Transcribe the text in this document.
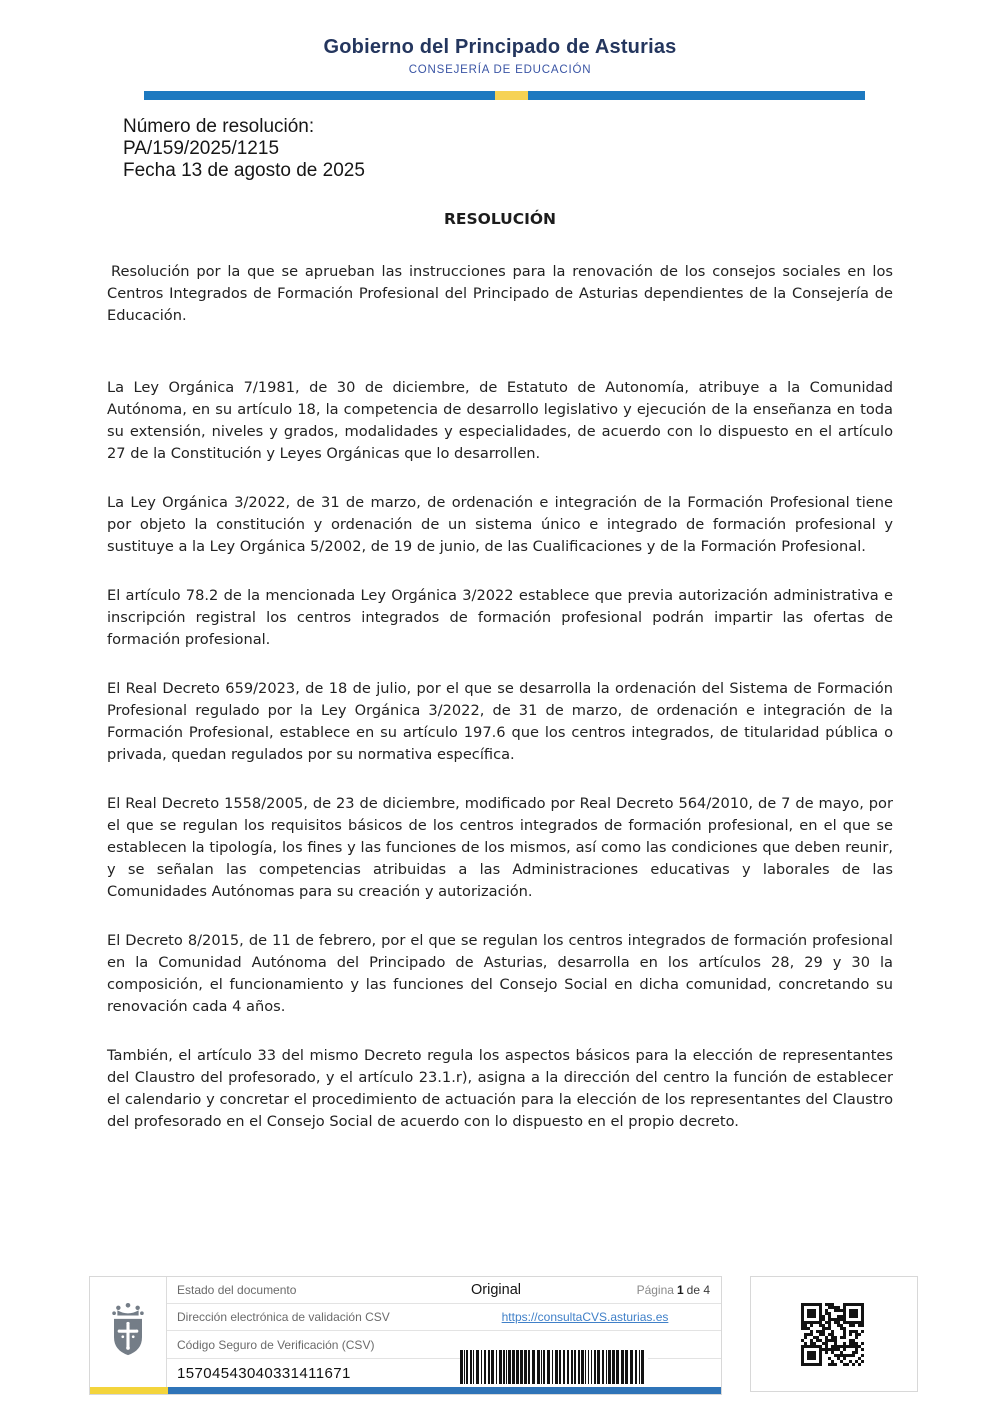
Gobierno del Principado de Asturias
CONSEJERÍA DE EDUCACIÓN
Número de resolución:
PA/159/2025/1215
Fecha 13 de agosto de 2025
RESOLUCIÓN

Resolución por la que se aprueban las instrucciones para la renovación de los consejos sociales en los Centros Integrados de Formación Profesional del Principado de Asturias dependientes de la Consejería de Educación.

La Ley Orgánica 7/1981, de 30 de diciembre, de Estatuto de Autonomía, atribuye a la Comunidad Autónoma, en su artículo 18, la competencia de desarrollo legislativo y ejecución de la enseñanza en toda su extensión, niveles y grados, modalidades y especialidades, de acuerdo con lo dispuesto en el artículo 27 de la Constitución y Leyes Orgánicas que lo desarrollen.

La Ley Orgánica 3/2022, de 31 de marzo, de ordenación e integración de la Formación Profesional tiene por objeto la constitución y ordenación de un sistema único e integrado de formación profesional y sustituye a la Ley Orgánica 5/2002, de 19 de junio, de las Cualificaciones y de la Formación Profesional.

El artículo 78.2 de la mencionada Ley Orgánica 3/2022 establece que previa autorización administrativa e inscripción registral los centros integrados de formación profesional podrán impartir las ofertas de formación profesional.

El Real Decreto 659/2023, de 18 de julio, por el que se desarrolla la ordenación del Sistema de Formación Profesional regulado por la Ley Orgánica 3/2022, de 31 de marzo, de ordenación e integración de la Formación Profesional, establece en su artículo 197.6 que los centros integrados, de titularidad pública o privada, quedan regulados por su normativa específica.

El Real Decreto 1558/2005, de 23 de diciembre, modificado por Real Decreto 564/2010, de 7 de mayo, por el que se regulan los requisitos básicos de los centros integrados de formación profesional, en el que se establecen la tipología, los fines y las funciones de los mismos, así como las condiciones que deben reunir, y se señalan las competencias atribuidas a las Administraciones educativas y laborales de las Comunidades Autónomas para su creación y autorización.

El Decreto 8/2015, de 11 de febrero, por el que se regulan los centros integrados de formación profesional en la Comunidad Autónoma del Principado de Asturias, desarrolla en los artículos 28, 29 y 30 la composición, el funcionamiento y las funciones del Consejo Social en dicha comunidad, concretando su renovación cada 4 años.

También, el artículo 33 del mismo Decreto regula los aspectos básicos para la elección de representantes del Claustro del profesorado, y el artículo 23.1.r), asigna a la dirección del centro la función de establecer el calendario y concretar el procedimiento de actuación para la elección de los representantes del Claustro del profesorado en el Consejo Social de acuerdo con lo dispuesto en el propio decreto.

Estado del documento	Original	Página 1 de 4
Dirección electrónica de validación CSV	https://consultaCVS.asturias.es
Código Seguro de Verificación (CSV)
15704543040331411671
